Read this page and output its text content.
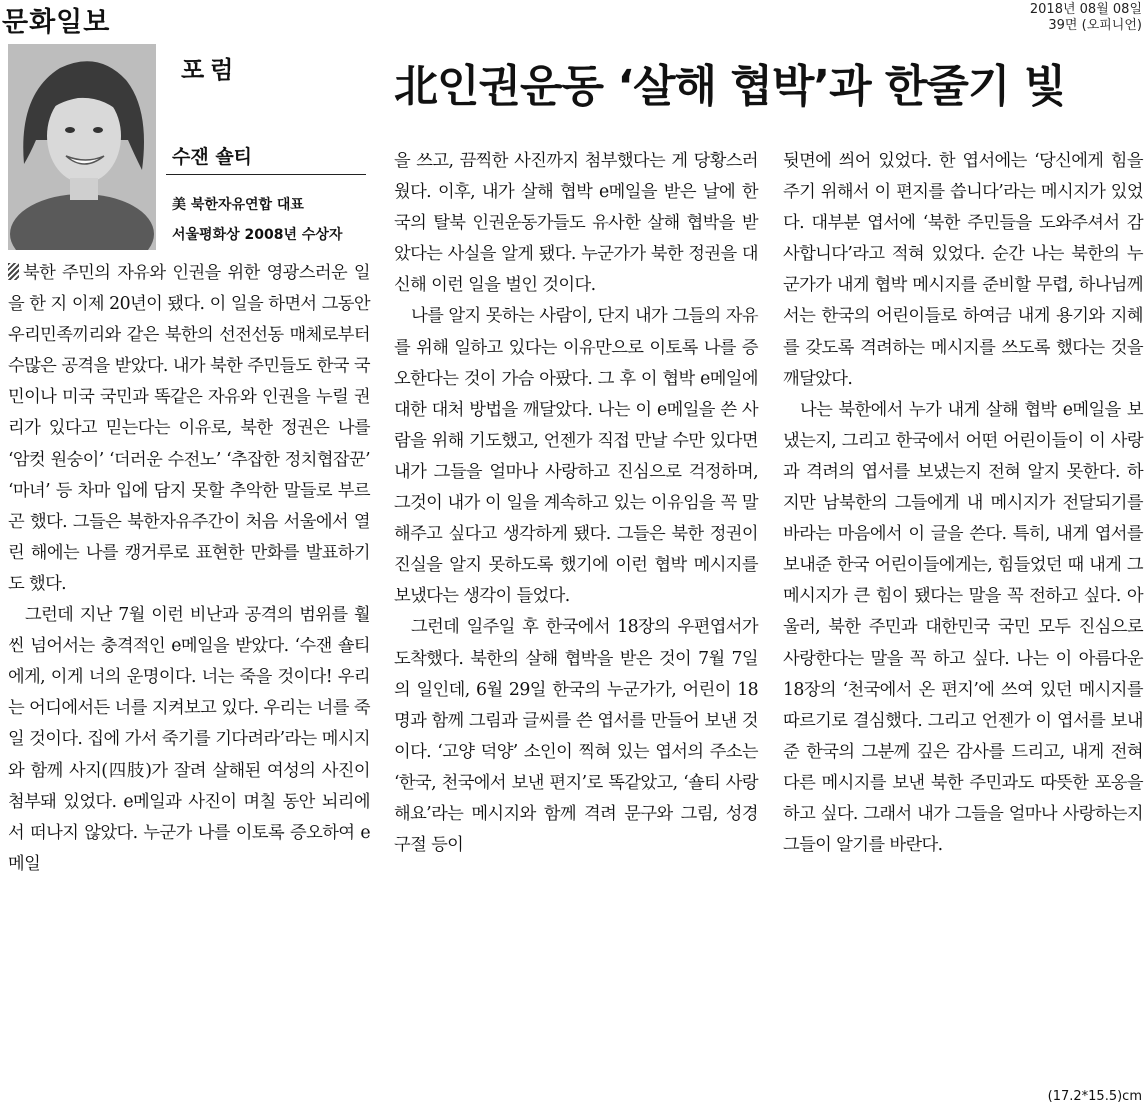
문화일보	2018년 08월 08일
39면 (오피니언)
포럼
수잰 숄티
美 북한자유연합 대표
서울평화상 2008년 수상자
北인권운동 ‘살해 협박’과 한줄기 빛

북한 주민의 자유와 인권을 위한 영광스러운 일을 한 지 이제 20년이 됐다. 이 일을 하면서 그동안 우리민족끼리와 같은 북한의 선전선동 매체로부터 수많은 공격을 받았다. 내가 북한 주민들도 한국 국민이나 미국 국민과 똑같은 자유와 인권을 누릴 권리가 있다고 믿는다는 이유로, 북한 정권은 나를 ‘암컷 원숭이’ ‘더러운 수전노’ ‘추잡한 정치협잡꾼’ ‘마녀’ 등 차마 입에 담지 못할 추악한 말들로 부르곤 했다. 그들은 북한자유주간이 처음 서울에서 열린 해에는 나를 캥거루로 표현한 만화를 발표하기도 했다.

그런데 지난 7월 이런 비난과 공격의 범위를 훨씬 넘어서는 충격적인 e메일을 받았다. ‘수잰 숄티에게, 이게 너의 운명이다. 너는 죽을 것이다! 우리는 어디에서든 너를 지켜보고 있다. 우리는 너를 죽일 것이다. 집에 가서 죽기를 기다려라’라는 메시지와 함께 사지(四肢)가 잘려 살해된 여성의 사진이 첨부돼 있었다. e메일과 사진이 며칠 동안 뇌리에서 떠나지 않았다. 누군가 나를 이토록 증오하여 e메일

을 쓰고, 끔찍한 사진까지 첨부했다는 게 당황스러웠다. 이후, 내가 살해 협박 e메일을 받은 날에 한국의 탈북 인권운동가들도 유사한 살해 협박을 받았다는 사실을 알게 됐다. 누군가가 북한 정권을 대신해 이런 일을 벌인 것이다.

나를 알지 못하는 사람이, 단지 내가 그들의 자유를 위해 일하고 있다는 이유만으로 이토록 나를 증오한다는 것이 가슴 아팠다. 그 후 이 협박 e메일에 대한 대처 방법을 깨달았다. 나는 이 e메일을 쓴 사람을 위해 기도했고, 언젠가 직접 만날 수만 있다면 내가 그들을 얼마나 사랑하고 진심으로 걱정하며, 그것이 내가 이 일을 계속하고 있는 이유임을 꼭 말해주고 싶다고 생각하게 됐다. 그들은 북한 정권이 진실을 알지 못하도록 했기에 이런 협박 메시지를 보냈다는 생각이 들었다.

그런데 일주일 후 한국에서 18장의 우편엽서가 도착했다. 북한의 살해 협박을 받은 것이 7월 7일의 일인데, 6월 29일 한국의 누군가가, 어린이 18명과 함께 그림과 글씨를 쓴 엽서를 만들어 보낸 것이다. ‘고양 덕양’ 소인이 찍혀 있는 엽서의 주소는 ‘한국, 천국에서 보낸 편지’로 똑같았고, ‘숄티 사랑해요’라는 메시지와 함께 격려 문구와 그림, 성경 구절 등이

뒷면에 씌어 있었다. 한 엽서에는 ‘당신에게 힘을 주기 위해서 이 편지를 씁니다’라는 메시지가 있었다. 대부분 엽서에 ‘북한 주민들을 도와주셔서 감사합니다’라고 적혀 있었다. 순간 나는 북한의 누군가가 내게 협박 메시지를 준비할 무렵, 하나님께서는 한국의 어린이들로 하여금 내게 용기와 지혜를 갖도록 격려하는 메시지를 쓰도록 했다는 것을 깨달았다.

나는 북한에서 누가 내게 살해 협박 e메일을 보냈는지, 그리고 한국에서 어떤 어린이들이 이 사랑과 격려의 엽서를 보냈는지 전혀 알지 못한다. 하지만 남북한의 그들에게 내 메시지가 전달되기를 바라는 마음에서 이 글을 쓴다. 특히, 내게 엽서를 보내준 한국 어린이들에게는, 힘들었던 때 내게 그 메시지가 큰 힘이 됐다는 말을 꼭 전하고 싶다. 아울러, 북한 주민과 대한민국 국민 모두 진심으로 사랑한다는 말을 꼭 하고 싶다. 나는 이 아름다운 18장의 ‘천국에서 온 편지’에 쓰여 있던 메시지를 따르기로 결심했다. 그리고 언젠가 이 엽서를 보내준 한국의 그분께 깊은 감사를 드리고, 내게 전혀 다른 메시지를 보낸 북한 주민과도 따뜻한 포옹을 하고 싶다. 그래서 내가 그들을 얼마나 사랑하는지 그들이 알기를 바란다.

(17.2*15.5)cm
